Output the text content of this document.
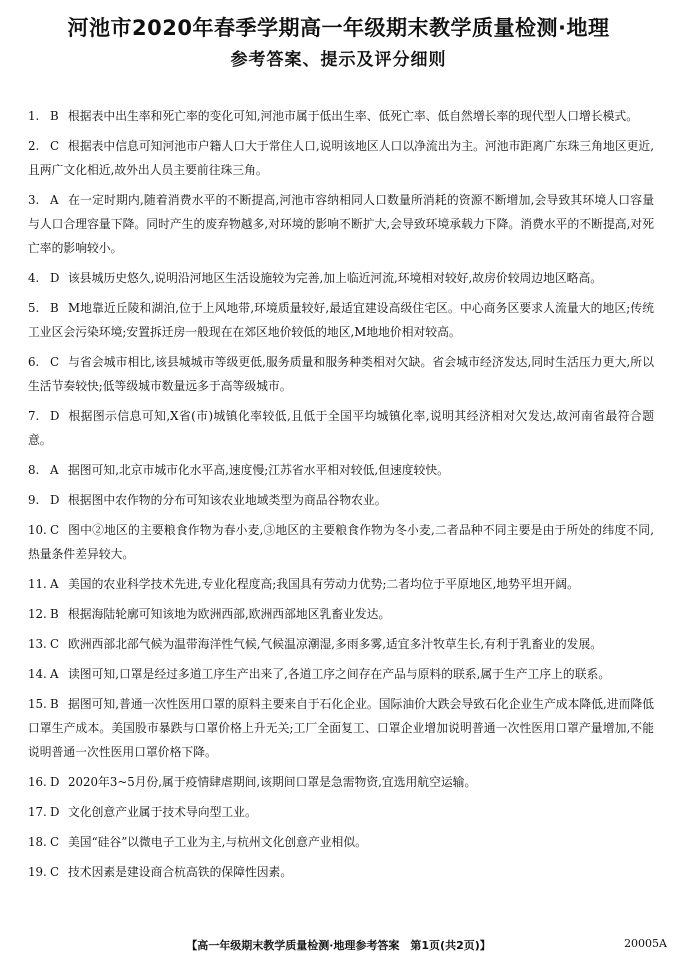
河池市2020年春季学期高一年级期末教学质量检测·地理
参考答案、提示及评分细则
1. B 根据表中出生率和死亡率的变化可知,河池市属于低出生率、低死亡率、低自然增长率的现代型人口增长模式。
2. C 根据表中信息可知河池市户籍人口大于常住人口,说明该地区人口以净流出为主。河池市距离广东珠三角地区更近,且两广文化相近,故外出人员主要前往珠三角。
3. A 在一定时期内,随着消费水平的不断提高,河池市容纳相同人口数量所消耗的资源不断增加,会导致其环境人口容量与人口合理容量下降。同时产生的废弃物越多,对环境的影响不断扩大,会导致环境承载力下降。消费水平的不断提高,对死亡率的影响较小。
4. D 该县城历史悠久,说明沿河地区生活设施较为完善,加上临近河流,环境相对较好,故房价较周边地区略高。
5. B M地靠近丘陵和湖泊,位于上风地带,环境质量较好,最适宜建设高级住宅区。中心商务区要求人流量大的地区;传统工业区会污染环境;安置拆迁房一般现在在郊区地价较低的地区,M地地价相对较高。
6. C 与省会城市相比,该县城城市等级更低,服务质量和服务种类相对欠缺。省会城市经济发达,同时生活压力更大,所以生活节奏较快;低等级城市数量远多于高等级城市。
7. D 根据图示信息可知,X省(市)城镇化率较低,且低于全国平均城镇化率,说明其经济相对欠发达,故河南省最符合题意。
8. A 据图可知,北京市城市化水平高,速度慢;江苏省水平相对较低,但速度较快。
9. D 根据图中农作物的分布可知该农业地域类型为商品谷物农业。
10. C 图中②地区的主要粮食作物为春小麦,③地区的主要粮食作物为冬小麦,二者品种不同主要是由于所处的纬度不同,热量条件差异较大。
11. A 美国的农业科学技术先进,专业化程度高;我国具有劳动力优势;二者均位于平原地区,地势平坦开阔。
12. B 根据海陆轮廓可知该地为欧洲西部,欧洲西部地区乳畜业发达。
13. C 欧洲西部北部气候为温带海洋性气候,气候温凉潮湿,多雨多雾,适宜多汁牧草生长,有利于乳畜业的发展。
14. A 读图可知,口罩是经过多道工序生产出来了,各道工序之间存在产品与原料的联系,属于生产工序上的联系。
15. B 据图可知,普通一次性医用口罩的原料主要来自于石化企业。国际油价大跌会导致石化企业生产成本降低,进而降低口罩生产成本。美国股市暴跌与口罩价格上升无关;工厂全面复工、口罩企业增加说明普通一次性医用口罩产量增加,不能说明普通一次性医用口罩价格下降。
16. D 2020年3~5月份,属于疫情肆虐期间,该期间口罩是急需物资,宜选用航空运输。
17. D 文化创意产业属于技术导向型工业。
18. C 美国“硅谷”以微电子工业为主,与杭州文化创意产业相似。
19. C 技术因素是建设商合杭高铁的保障性因素。
【高一年级期末教学质量检测·地理参考答案　第1页(共2页)】	20005A
